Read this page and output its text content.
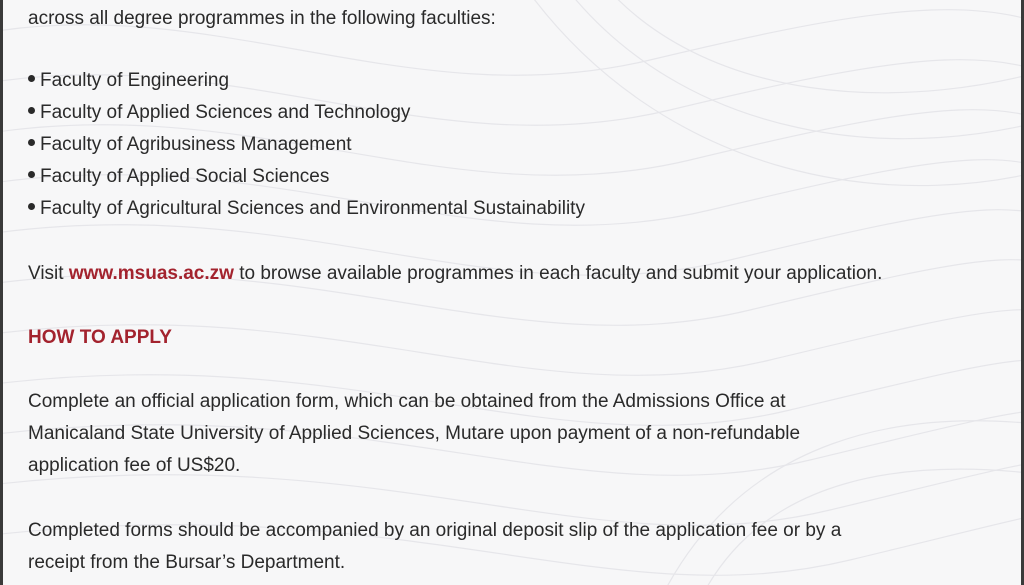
across all degree programmes in the following faculties:
Faculty of Engineering
Faculty of Applied Sciences and Technology
Faculty of Agribusiness Management
Faculty of Applied Social Sciences
Faculty of Agricultural Sciences and Environmental Sustainability
Visit www.msuas.ac.zw to browse available programmes in each faculty and submit your application.
HOW TO APPLY
Complete an official application form, which can be obtained from the Admissions Office at
Manicaland State University of Applied Sciences, Mutare upon payment of a non-refundable
application fee of US$20.
Completed forms should be accompanied by an original deposit slip of the application fee or by a
receipt from the Bursar’s Department.
